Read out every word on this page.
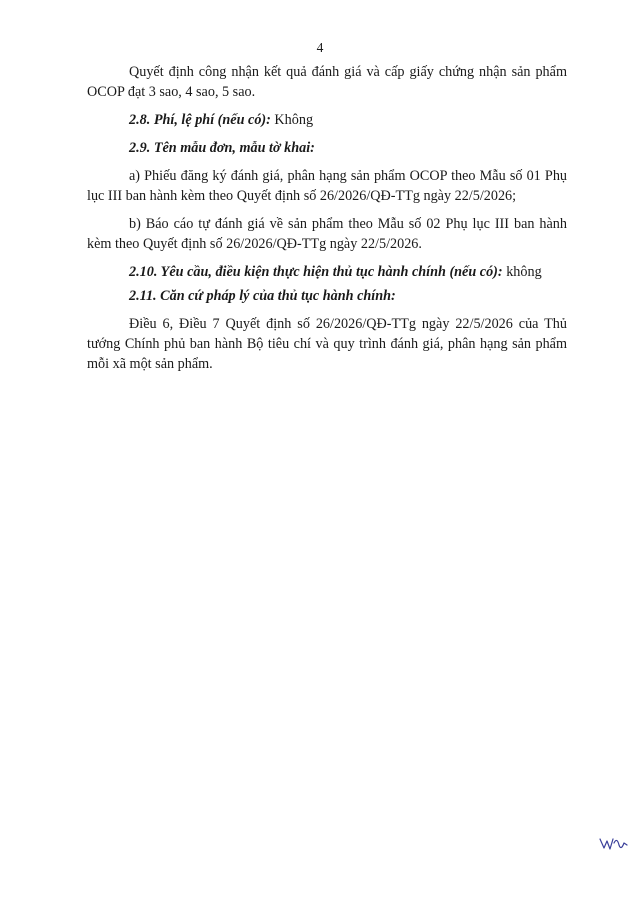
4

Quyết định công nhận kết quả đánh giá và cấp giấy chứng nhận sản phẩm OCOP đạt 3 sao, 4 sao, 5 sao.

2.8. Phí, lệ phí (nếu có): Không

2.9. Tên mẫu đơn, mẫu tờ khai:

a) Phiếu đăng ký đánh giá, phân hạng sản phẩm OCOP theo Mẫu số 01 Phụ lục III ban hành kèm theo Quyết định số 26/2026/QĐ-TTg ngày 22/5/2026;

b) Báo cáo tự đánh giá về sản phẩm theo Mẫu số 02 Phụ lục III ban hành kèm theo Quyết định số 26/2026/QĐ-TTg ngày 22/5/2026.

2.10. Yêu cầu, điều kiện thực hiện thủ tục hành chính (nếu có): không

2.11. Căn cứ pháp lý của thủ tục hành chính:

Điều 6, Điều 7 Quyết định số 26/2026/QĐ-TTg ngày 22/5/2026 của Thủ tướng Chính phủ ban hành Bộ tiêu chí và quy trình đánh giá, phân hạng sản phẩm mỗi xã một sản phẩm.
